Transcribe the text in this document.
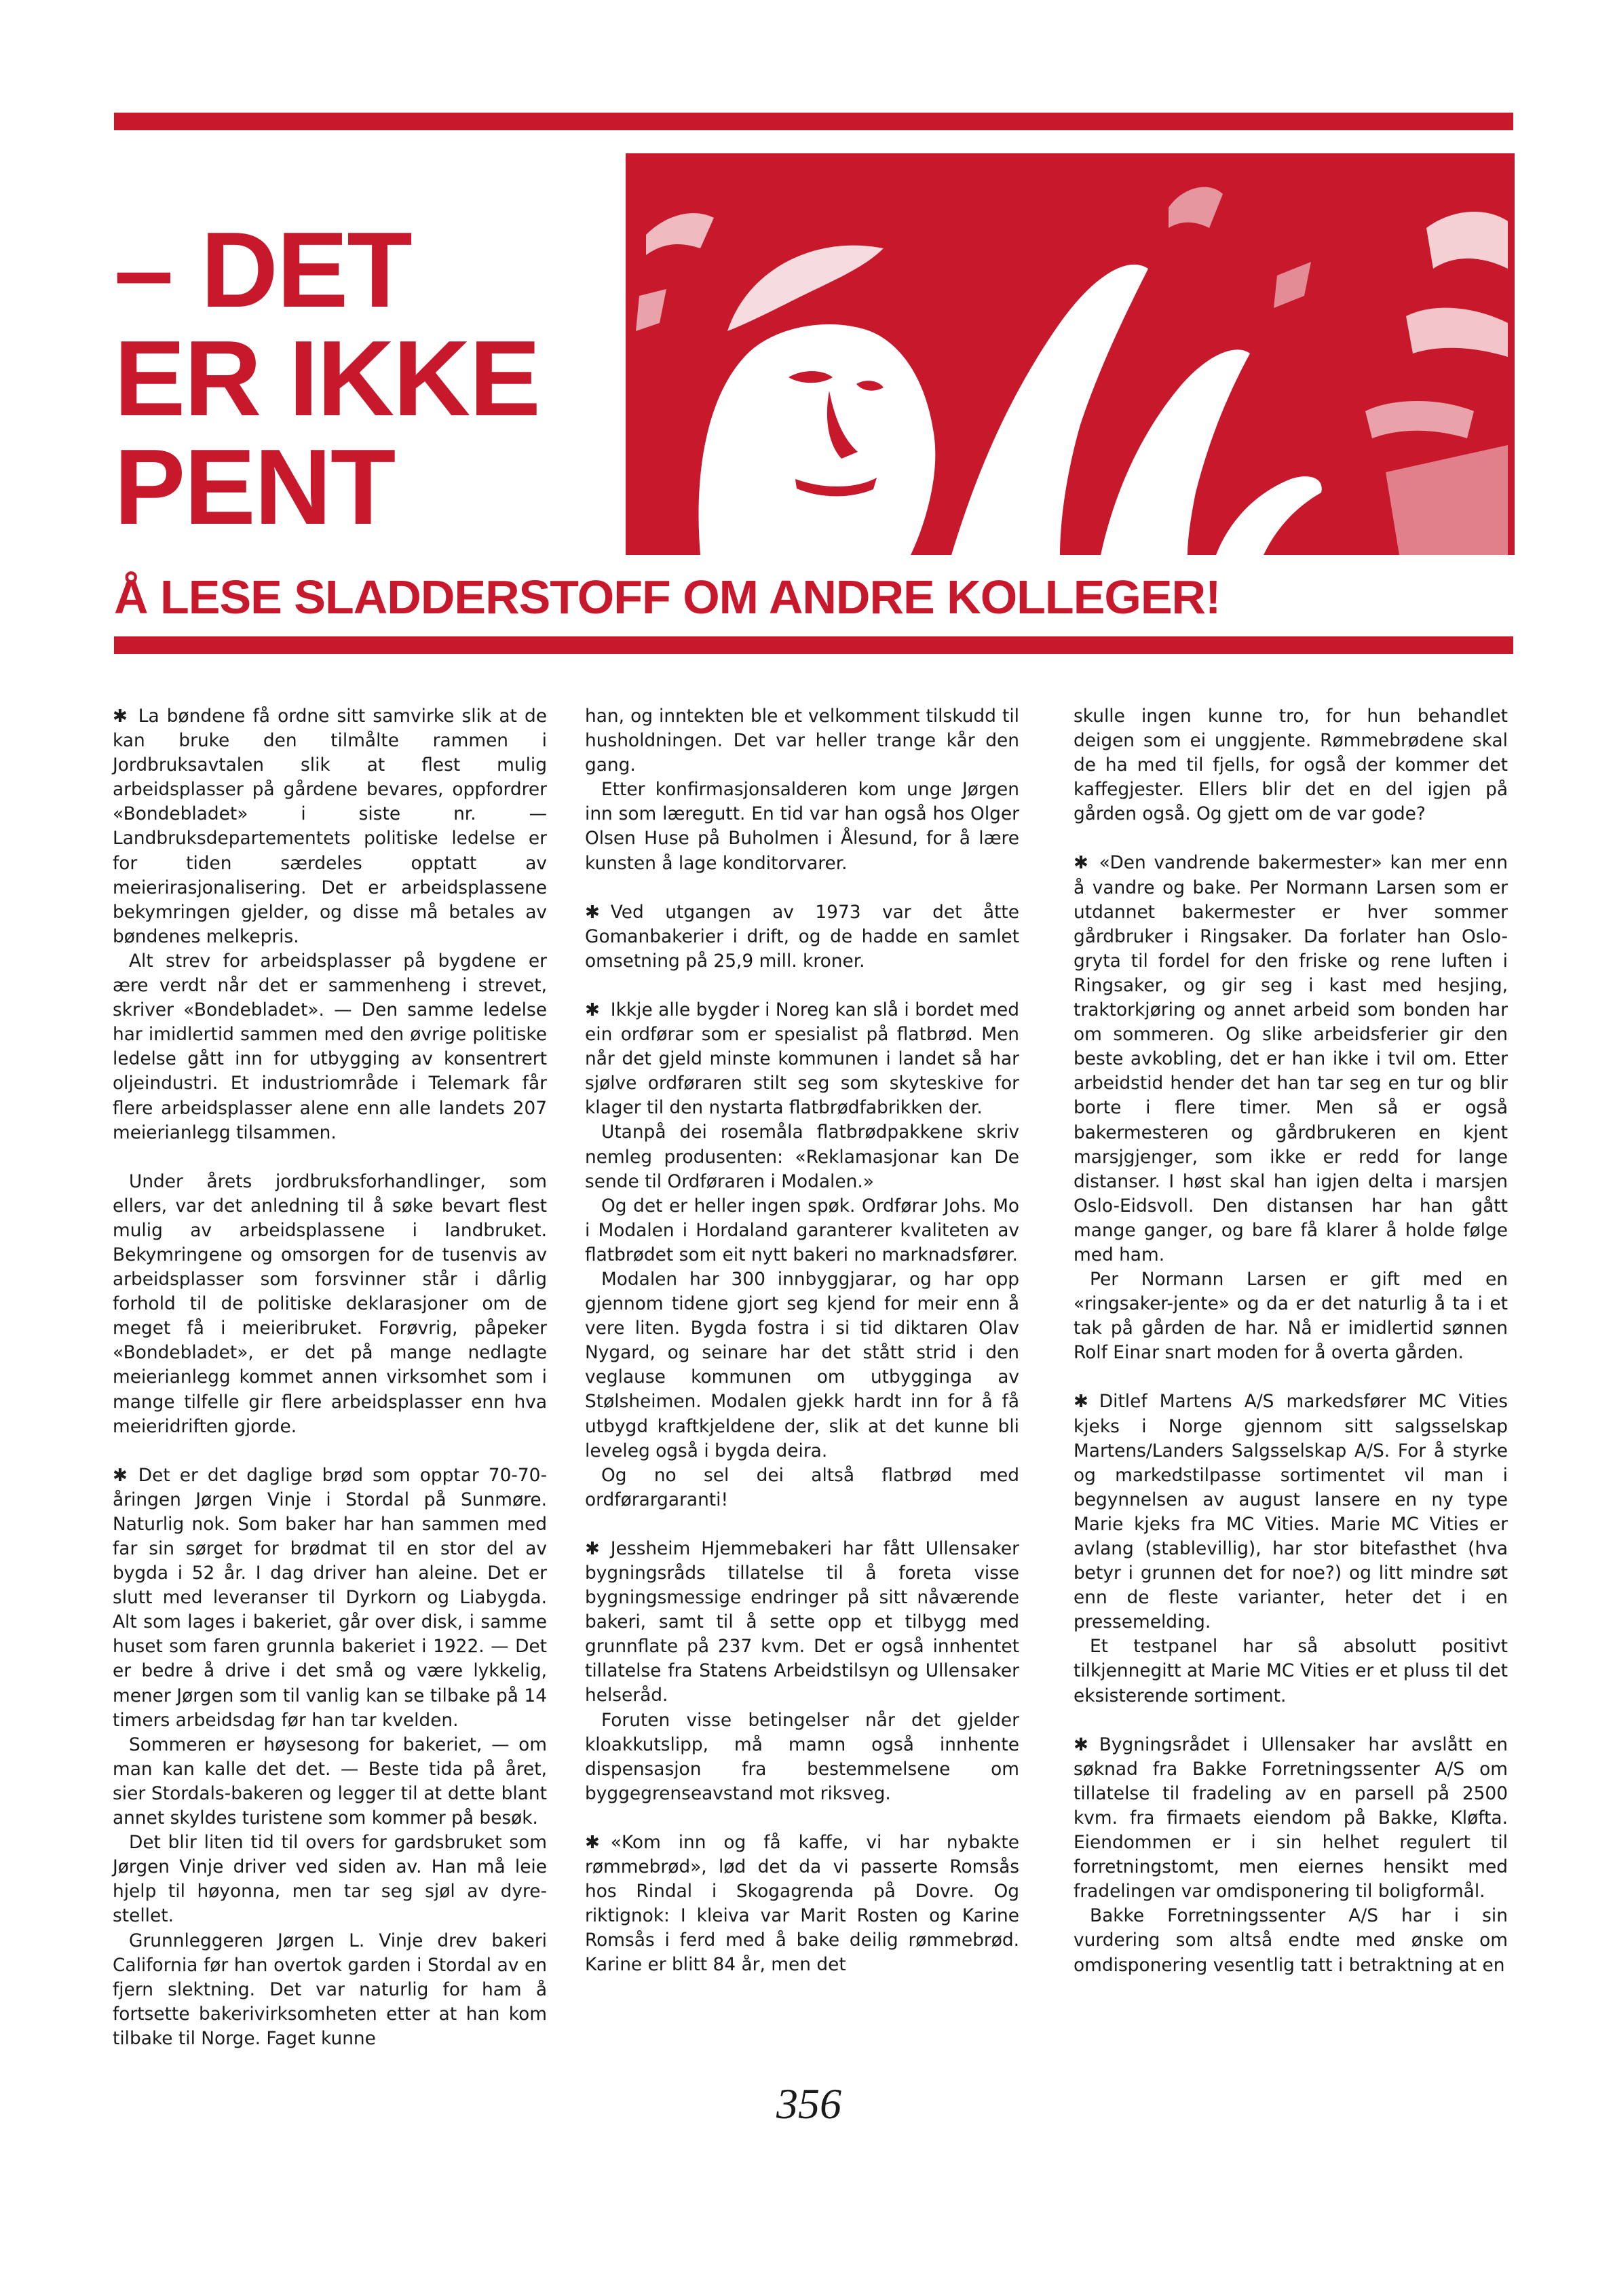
– DET
ER IKKE
PENT
Å LESE SLADDERSTOFF OM ANDRE KOLLEGER!

✱ La bøndene få ordne sitt samvirke slik at de kan bruke den tilmålte rammen i Jordbruksavtalen slik at flest mulig arbeidsplasser på gårdene bevares, oppfordrer «Bondebladet» i siste nr. — Landbruksdepartementets politiske ledelse er for tiden særdeles opptatt av meierirasjonalisering. Det er arbeidsplassene bekymringen gjelder, og disse må betales av bøndenes melkepris.

Alt strev for arbeidsplasser på bygdene er ære verdt når det er sammenheng i strevet, skriver «Bondebladet». — Den samme ledelse har imidlertid sammen med den øvrige politiske ledelse gått inn for utbygging av konsentrert oljeindustri. Et industriområde i Telemark får flere arbeidsplasser alene enn alle landets 207 meierianlegg tilsammen.

Under årets jordbruksforhandlinger, som ellers, var det anledning til å søke bevart flest mulig av arbeidsplassene i landbruket. Bekymringene og omsorgen for de tusenvis av arbeidsplasser som forsvinner står i dårlig forhold til de politiske deklarasjoner om de meget få i meieribruket. Forøvrig, påpeker «Bondebladet», er det på mange nedlagte meierianlegg kommet annen virksomhet som i mange tilfelle gir flere arbeidsplasser enn hva meieridriften gjorde.

✱ Det er det daglige brød som opptar 70-70-åringen Jørgen Vinje i Stordal på Sunmøre. Naturlig nok. Som baker har han sammen med far sin sørget for brødmat til en stor del av bygda i 52 år. I dag driver han aleine. Det er slutt med leveranser til Dyrkorn og Liabygda. Alt som lages i bakeriet, går over disk, i samme huset som faren grunnla bakeriet i 1922. — Det er bedre å drive i det små og være lykkelig, mener Jørgen som til vanlig kan se tilbake på 14 timers arbeidsdag før han tar kvelden.

Sommeren er høysesong for bakeriet, — om man kan kalle det det. — Beste tida på året, sier Stordals-bakeren og legger til at dette blant annet skyldes turistene som kommer på besøk.

Det blir liten tid til overs for gardsbruket som Jørgen Vinje driver ved siden av. Han må leie hjelp til høyonna, men tar seg sjøl av dyre-stellet.

Grunnleggeren Jørgen L. Vinje drev bakeri California før han overtok garden i Stordal av en fjern slektning. Det var naturlig for ham å fortsette bakerivirksomheten etter at han kom tilbake til Norge. Faget kunne

han, og inntekten ble et velkomment tilskudd til husholdningen. Det var heller trange kår den gang.

Etter konfirmasjonsalderen kom unge Jørgen inn som læregutt. En tid var han også hos Olger Olsen Huse på Buholmen i Ålesund, for å lære kunsten å lage konditorvarer.

✱ Ved utgangen av 1973 var det åtte Gomanbakerier i drift, og de hadde en samlet omsetning på 25,9 mill. kroner.

✱ Ikkje alle bygder i Noreg kan slå i bordet med ein ordførar som er spesialist på flatbrød. Men når det gjeld minste kommunen i landet så har sjølve ordføraren stilt seg som skyteskive for klager til den nystarta flatbrødfabrikken der.

Utanpå dei rosemåla flatbrødpakkene skriv nemleg produsenten: «Reklamasjonar kan De sende til Ordføraren i Modalen.»

Og det er heller ingen spøk. Ordførar Johs. Mo i Modalen i Hordaland garanterer kvaliteten av flatbrødet som eit nytt bakeri no marknadsfører.

Modalen har 300 innbyggjarar, og har opp gjennom tidene gjort seg kjend for meir enn å vere liten. Bygda fostra i si tid diktaren Olav Nygard, og seinare har det stått strid i den veglause kommunen om utbygginga av Stølsheimen. Modalen gjekk hardt inn for å få utbygd kraftkjeldene der, slik at det kunne bli leveleg også i bygda deira.

Og no sel dei altså flatbrød med ordførargaranti!

✱ Jessheim Hjemmebakeri har fått Ullensaker bygningsråds tillatelse til å foreta visse bygningsmessige endringer på sitt nåværende bakeri, samt til å sette opp et tilbygg med grunnflate på 237 kvm. Det er også innhentet tillatelse fra Statens Arbeidstilsyn og Ullensaker helseråd.

Foruten visse betingelser når det gjelder kloakkutslipp, må mamn også innhente dispensasjon fra bestemmelsene om byggegrenseavstand mot riksveg.

✱ «Kom inn og få kaffe, vi har nybakte rømmebrød», lød det da vi passerte Romsås hos Rindal i Skogagrenda på Dovre. Og riktignok: I kleiva var Marit Rosten og Karine Romsås i ferd med å bake deilig rømmebrød. Karine er blitt 84 år, men det

skulle ingen kunne tro, for hun behandlet deigen som ei unggjente. Rømmebrødene skal de ha med til fjells, for også der kommer det kaffegjester. Ellers blir det en del igjen på gården også. Og gjett om de var gode?

✱ «Den vandrende bakermester» kan mer enn å vandre og bake. Per Normann Larsen som er utdannet bakermester er hver sommer gårdbruker i Ringsaker. Da forlater han Oslo-gryta til fordel for den friske og rene luften i Ringsaker, og gir seg i kast med hesjing, traktorkjøring og annet arbeid som bonden har om sommeren. Og slike arbeidsferier gir den beste avkobling, det er han ikke i tvil om. Etter arbeidstid hender det han tar seg en tur og blir borte i flere timer. Men så er også bakermesteren og gårdbrukeren en kjent marsjgjenger, som ikke er redd for lange distanser. I høst skal han igjen delta i marsjen Oslo-Eidsvoll. Den distansen har han gått mange ganger, og bare få klarer å holde følge med ham.

Per Normann Larsen er gift med en «ringsaker-jente» og da er det naturlig å ta i et tak på gården de har. Nå er imidlertid sønnen Rolf Einar snart moden for å overta gården.

✱ Ditlef Martens A/S markedsfører MC Vities kjeks i Norge gjennom sitt salgsselskap Martens/Landers Salgsselskap A/S. For å styrke og markedstilpasse sortimentet vil man i begynnelsen av august lansere en ny type Marie kjeks fra MC Vities. Marie MC Vities er avlang (stablevillig), har stor bitefasthet (hva betyr i grunnen det for noe?) og litt mindre søt enn de fleste varianter, heter det i en pressemelding.

Et testpanel har så absolutt positivt tilkjennegitt at Marie MC Vities er et pluss til det eksisterende sortiment.

✱ Bygningsrådet i Ullensaker har avslått en søknad fra Bakke Forretningssenter A/S om tillatelse til fradeling av en parsell på 2500 kvm. fra firmaets eiendom på Bakke, Kløfta. Eiendommen er i sin helhet regulert til forretningstomt, men eiernes hensikt med fradelingen var omdisponering til boligformål.

Bakke Forretningssenter A/S har i sin vurdering som altså endte med ønske om omdisponering vesentlig tatt i betraktning at en

356
